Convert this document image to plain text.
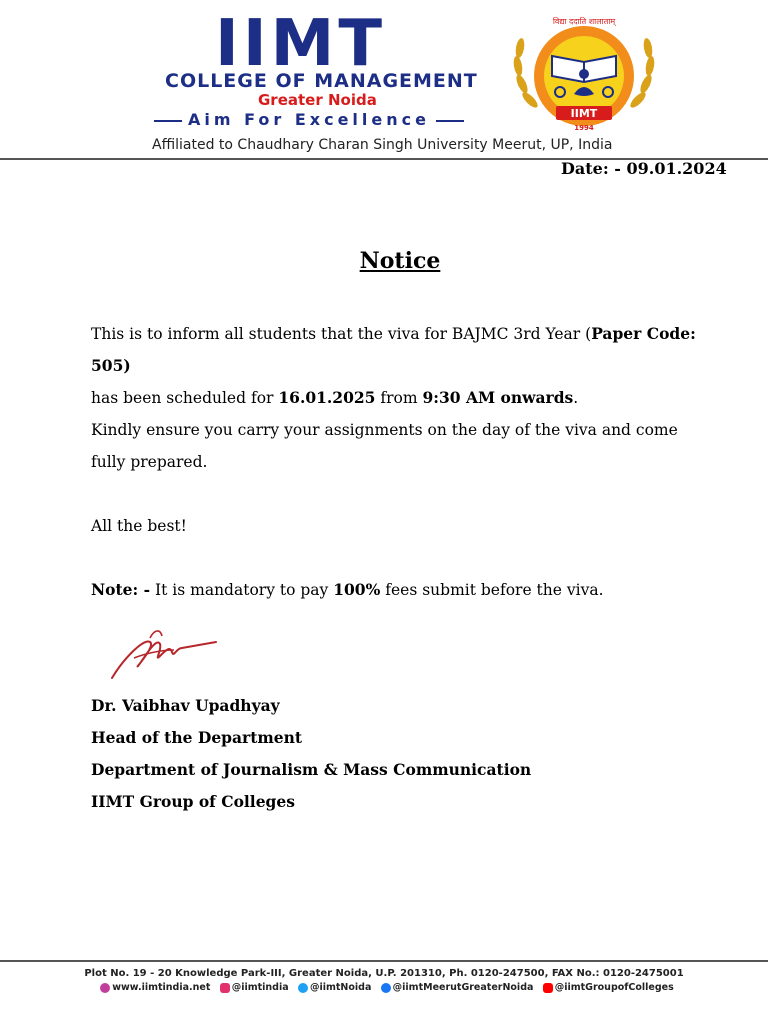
IIMT
COLLEGE OF MANAGEMENT
Greater Noida
Aim For Excellence
Affiliated to Chaudhary Charan Singh University Meerut, UP, India
IIMT
1994
विद्या ददाति शालाताम्
Date: - 09.01.2024
Notice

This is to inform all students that the viva for BAJMC 3rd Year (Paper Code: 505)
has been scheduled for 16.01.2025 from 9:30 AM onwards.

Kindly ensure you carry your assignments on the day of the viva and come fully prepared.

All the best!

Note: - It is mandatory to pay 100% fees submit before the viva.

Dr. Vaibhav Upadhyay
Head of the Department
Department of Journalism & Mass Communication
IIMT Group of Colleges
Plot No. 19 - 20 Knowledge Park-III, Greater Noida, U.P. 201310, Ph. 0120-247500, FAX No.: 0120-2475001
www.iimtindia.net @iimtindia @iimtNoida @iimtMeerutGreaterNoida @iimtGroupofColleges
